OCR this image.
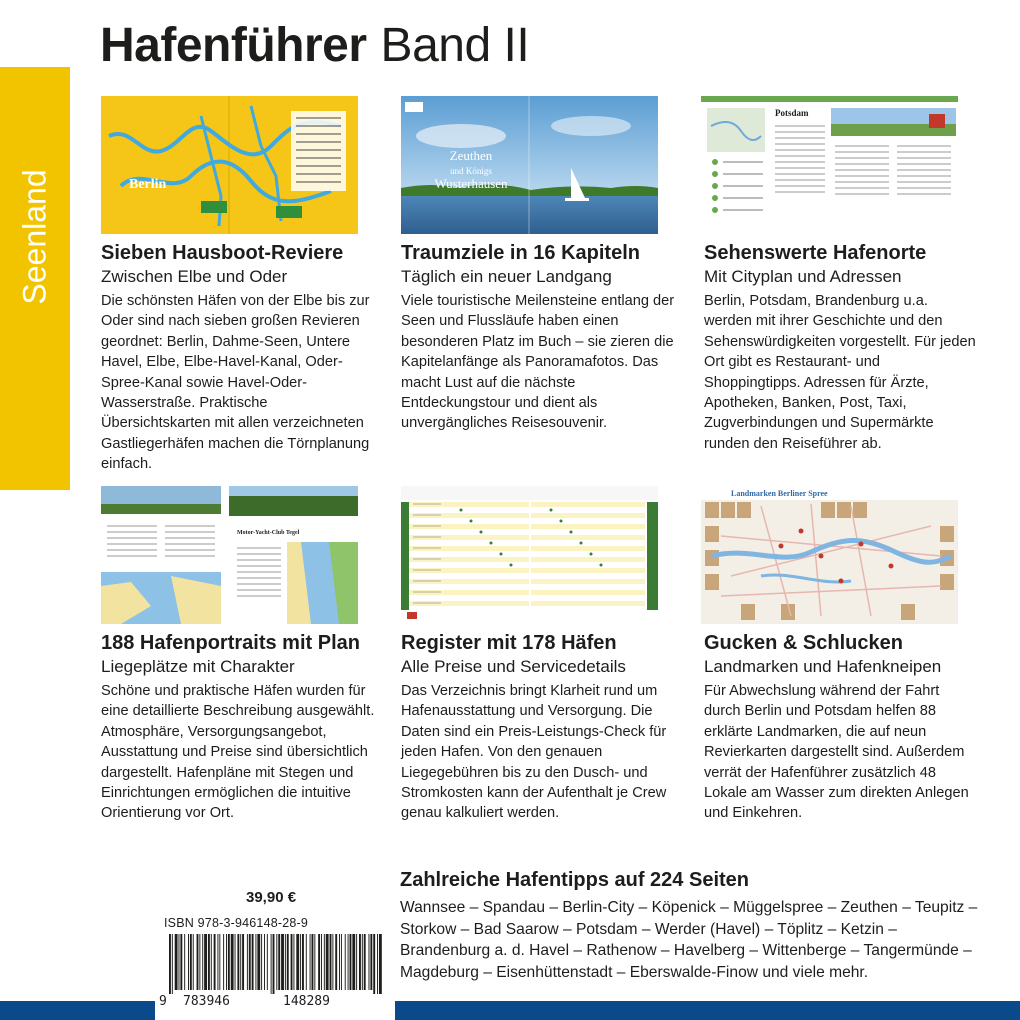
Hafenführer Band II
Seenland	Berlin
Zeuthen
und Königs
Wusterhausen
Potsdam
Motor-Yacht-Club Tegel
Landmarken Berliner Spree
Sieben Hausboot-Reviere
Zwischen Elbe und Oder

Die schönsten Häfen von der Elbe bis zur Oder sind nach sieben großen Revieren geordnet: Berlin, Dahme-Seen, Untere Havel, Elbe, Elbe-Havel-Kanal, Oder-Spree-Kanal sowie Havel-Oder-Wasserstraße. Praktische Übersichtskarten mit allen verzeichneten Gastliegerhäfen machen die Törnplanung einfach.

Traumziele in 16 Kapiteln
Täglich ein neuer Landgang

Viele touristische Meilensteine entlang der Seen und Flussläufe haben einen besonderen Platz im Buch – sie zieren die Kapitelanfänge als Panoramafotos. Das macht Lust auf die nächste Entdeckungstour und dient als unvergängliches Reisesouvenir.

Sehenswerte Hafenorte
Mit Cityplan und Adressen

Berlin, Potsdam, Brandenburg u.a. werden mit ihrer Geschichte und den Sehenswürdigkeiten vorgestellt. Für jeden Ort gibt es Restaurant- und Shoppingtipps. Adressen für Ärzte, Apotheken, Banken, Post, Taxi, Zugverbindungen und Supermärkte runden den Reiseführer ab.

188 Hafenportraits mit Plan
Liegeplätze mit Charakter

Schöne und praktische Häfen wurden für eine detaillierte Beschreibung ausgewählt. Atmosphäre, Versorgungsangebot, Ausstattung und Preise sind übersichtlich dargestellt. Hafenpläne mit Stegen und Einrichtungen ermöglichen die intuitive Orientierung vor Ort.

Register mit 178 Häfen
Alle Preise und Servicedetails

Das Verzeichnis bringt Klarheit rund um Hafenausstattung und Versorgung. Die Daten sind ein Preis-Leistungs-Check für jeden Hafen. Von den genauen Liegegebühren bis zu den Dusch- und Stromkosten kann der Aufenthalt je Crew genau kalkuliert werden.

Gucken & Schlucken
Landmarken und Hafenkneipen

Für Abwechslung während der Fahrt durch Berlin und Potsdam helfen 88 erklärte Landmarken, die auf neun Revierkarten dargestellt sind. Außerdem verrät der Hafenführer zusätzlich 48 Lokale am Wasser zum direkten Anlegen und Einkehren.

39,90 €
ISBN 978-3-946148-28-9
9 783946	148289
Zahlreiche Hafentipps auf 224 Seiten

Wannsee – Spandau – Berlin-City – Köpenick – Müggelspree – Zeuthen – Teupitz – Storkow – Bad Saarow – Potsdam – Werder (Havel) – Töplitz – Ketzin – Brandenburg a. d. Havel – Rathenow – Havelberg – Wittenberge – Tangermünde – Magdeburg – Eisenhüttenstadt – Eberswalde-Finow und viele mehr.
